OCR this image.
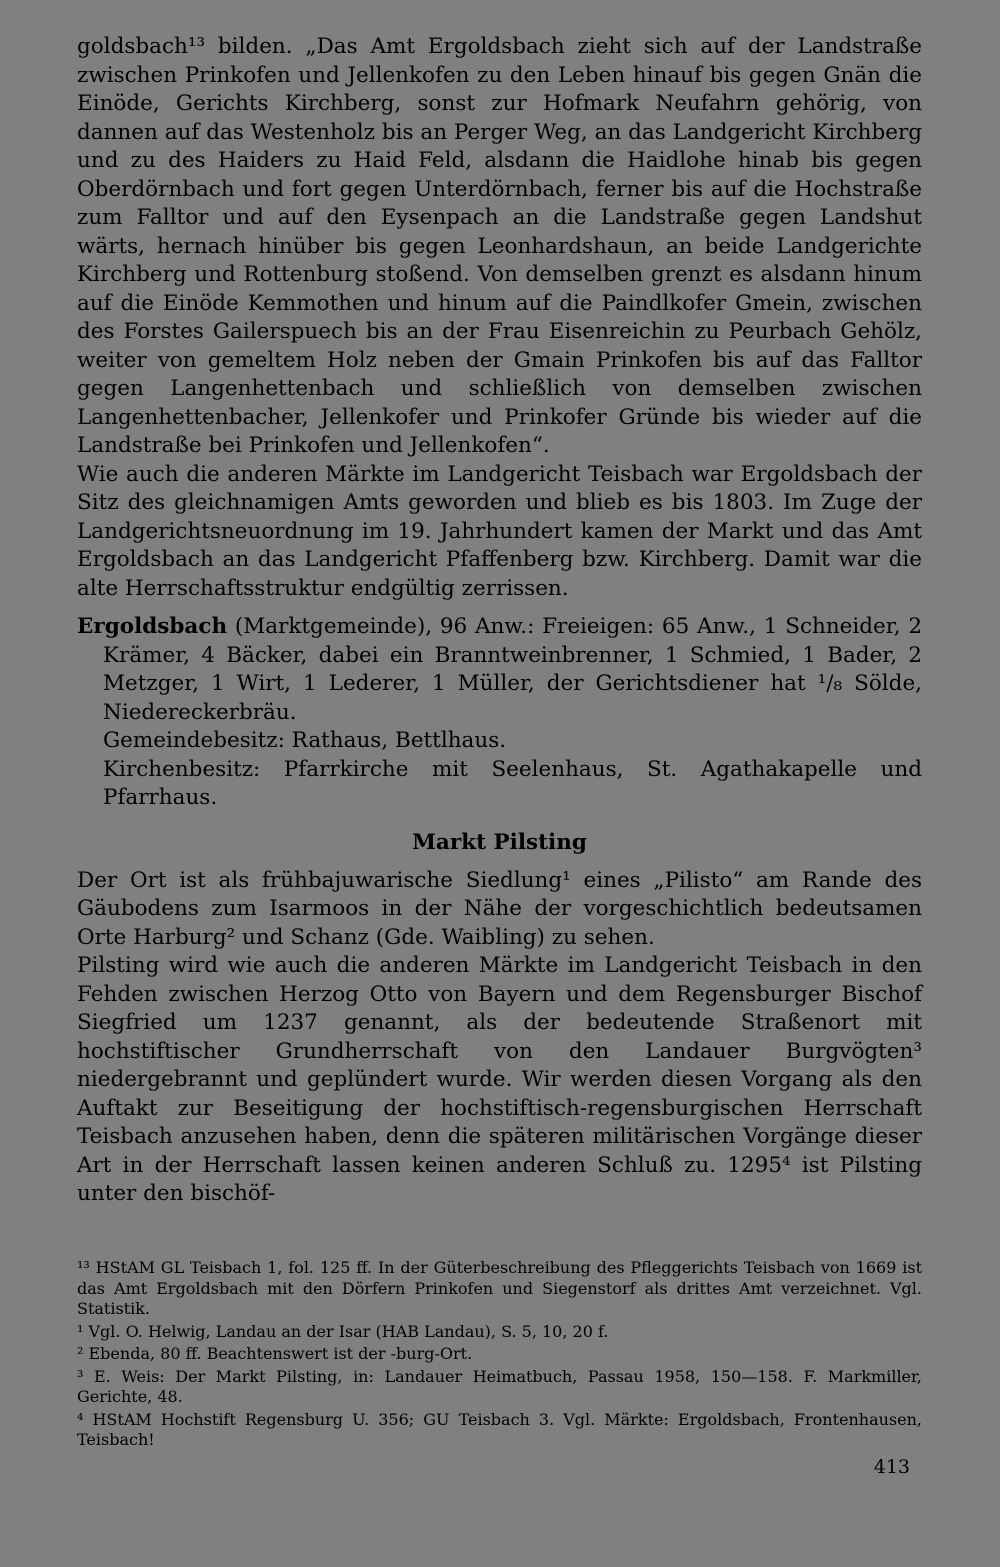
goldsbach¹³ bilden. „Das Amt Ergoldsbach zieht sich auf der Landstraße zwischen Prinkofen und Jellenkofen zu den Leben hinauf bis gegen Gnän die Einöde, Gerichts Kirchberg, sonst zur Hofmark Neufahrn gehörig, von dannen auf das Westenholz bis an Perger Weg, an das Landgericht Kirchberg und zu des Haiders zu Haid Feld, alsdann die Haidlohe hinab bis gegen Oberdörnbach und fort gegen Unterdörnbach, ferner bis auf die Hochstraße zum Falltor und auf den Eysenpach an die Landstraße gegen Landshut wärts, hernach hinüber bis gegen Leonhardshaun, an beide Landgerichte Kirchberg und Rottenburg stoßend. Von demselben grenzt es alsdann hinum auf die Einöde Kemmothen und hinum auf die Paindlkofer Gmein, zwischen des Forstes Gailerspuech bis an der Frau Eisenreichin zu Peurbach Gehölz, weiter von gemeltem Holz neben der Gmain Prinkofen bis auf das Falltor gegen Langenhettenbach und schließlich von demselben zwischen Langenhettenbacher, Jellenkofer und Prinkofer Gründe bis wieder auf die Landstraße bei Prinkofen und Jellenkofen“.

Wie auch die anderen Märkte im Landgericht Teisbach war Ergoldsbach der Sitz des gleichnamigen Amts geworden und blieb es bis 1803. Im Zuge der Landgerichtsneuordnung im 19. Jahrhundert kamen der Markt und das Amt Ergoldsbach an das Landgericht Pfaffenberg bzw. Kirchberg. Damit war die alte Herrschaftsstruktur endgültig zerrissen.

Ergoldsbach (Marktgemeinde), 96 Anw.: Freieigen: 65 Anw., 1 Schneider, 2 Krämer, 4 Bäcker, dabei ein Branntweinbrenner, 1 Schmied, 1 Bader, 2 Metzger, 1 Wirt, 1 Lederer, 1 Müller, der Gerichtsdiener hat ¹/₈ Sölde, Niedereckerbräu.

Gemeindebesitz: Rathaus, Bettlhaus.

Kirchenbesitz: Pfarrkirche mit Seelenhaus, St. Agathakapelle und Pfarrhaus.

Markt Pilsting

Der Ort ist als frühbajuwarische Siedlung¹ eines „Pilisto“ am Rande des Gäubodens zum Isarmoos in der Nähe der vorgeschichtlich bedeutsamen Orte Harburg² und Schanz (Gde. Waibling) zu sehen.

Pilsting wird wie auch die anderen Märkte im Landgericht Teisbach in den Fehden zwischen Herzog Otto von Bayern und dem Regensburger Bischof Siegfried um 1237 genannt, als der bedeutende Straßenort mit hochstiftischer Grundherrschaft von den Landauer Burgvögten³ niedergebrannt und geplündert wurde. Wir werden diesen Vorgang als den Auftakt zur Beseitigung der hochstiftisch-regensburgischen Herrschaft Teisbach anzusehen haben, denn die späteren militärischen Vorgänge dieser Art in der Herrschaft lassen keinen anderen Schluß zu. 1295⁴ ist Pilsting unter den bischöf-

¹³ HStAM GL Teisbach 1, fol. 125 ff. In der Güterbeschreibung des Pfleggerichts Teisbach von 1669 ist das Amt Ergoldsbach mit den Dörfern Prinkofen und Siegenstorf als drittes Amt verzeichnet. Vgl. Statistik.

¹ Vgl. O. Helwig, Landau an der Isar (HAB Landau), S. 5, 10, 20 f.

² Ebenda, 80 ff. Beachtenswert ist der -burg-Ort.

³ E. Weis: Der Markt Pilsting, in: Landauer Heimatbuch, Passau 1958, 150—158. F. Markmiller, Gerichte, 48.

⁴ HStAM Hochstift Regensburg U. 356; GU Teisbach 3. Vgl. Märkte: Ergoldsbach, Frontenhausen, Teisbach!

413
